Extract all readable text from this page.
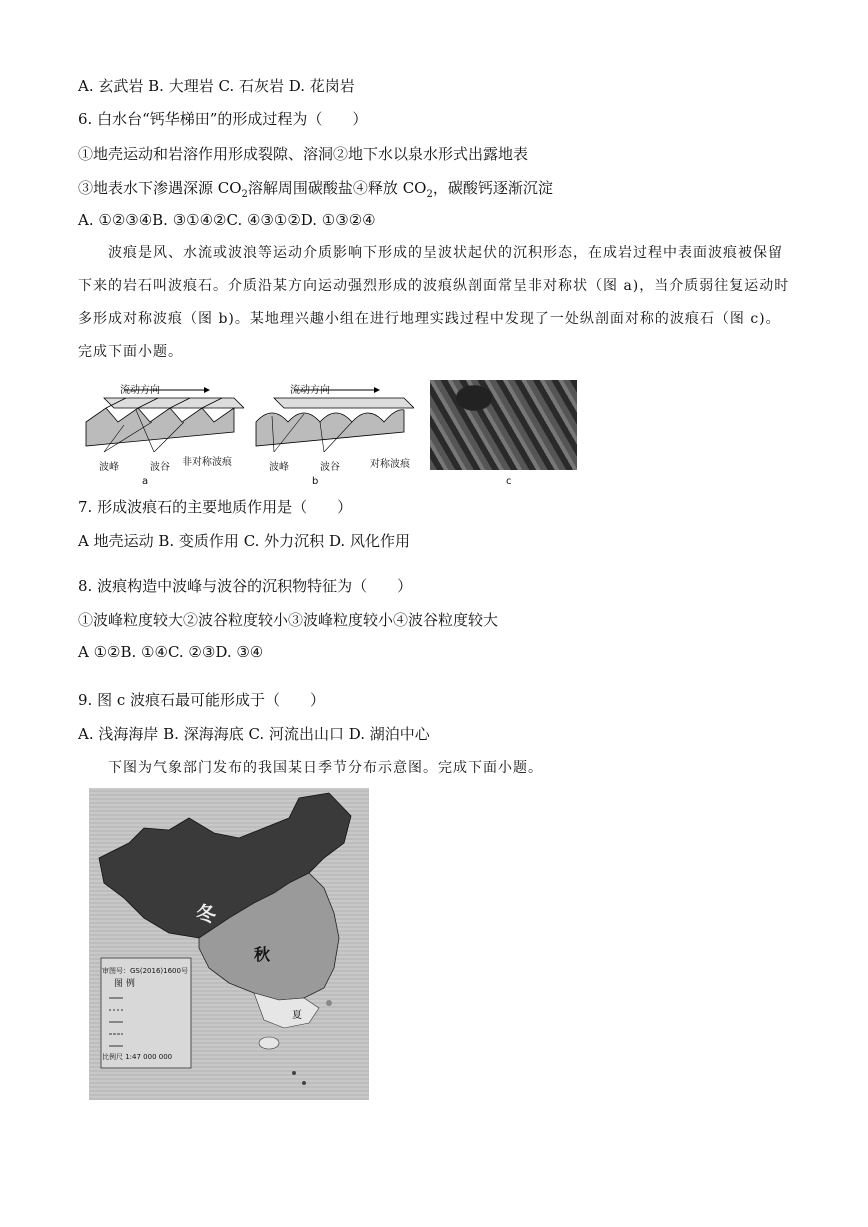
A. 玄武岩 B. 大理岩 C. 石灰岩 D. 花岗岩
6. 白水台“钙华梯田”的形成过程为（　　）
①地壳运动和岩溶作用形成裂隙、溶洞②地下水以泉水形式出露地表
③地表水下渗遇深源 $CO_2$溶解周围碳酸盐④释放 $CO_2$，碳酸钙逐渐沉淀
A. ①②③④B. ③①④②C. ④③①②D. ①③②④
波痕是风、水流或波浪等运动介质影响下形成的呈波状起伏的沉积形态，在成岩过程中表面波痕被保留下来的岩石叫波痕石。介质沿某方向运动强烈形成的波痕纵剖面常呈非对称状（图 a)，当介质弱往复运动时多形成对称波痕（图 b)。某地理兴趣小组在进行地理实践过程中发现了一处纵剖面对称的波痕石（图 c)。完成下面小题。
流动方向
波峰	波谷 非对称波痕
a
流动方向
波峰	波谷	对称波痕
b	c
7. 形成波痕石的主要地质作用是（　　）
A 地壳运动 B. 变质作用 C. 外力沉积 D. 风化作用
8. 波痕构造中波峰与波谷的沉积物特征为（　　）
①波峰粒度较大②波谷粒度较小③波峰粒度较小④波谷粒度较大
A ①②B. ①④C. ②③D. ③④
9. 图 c 波痕石最可能形成于（　　）
A. 浅海海岸 B. 深海海底 C. 河流出山口 D. 湖泊中心
下图为气象部门发布的我国某日季节分布示意图。完成下面小题。
冬
秋
夏
审图号：GS(2016)1600号
图 例
比例尺 1:47 000 000
